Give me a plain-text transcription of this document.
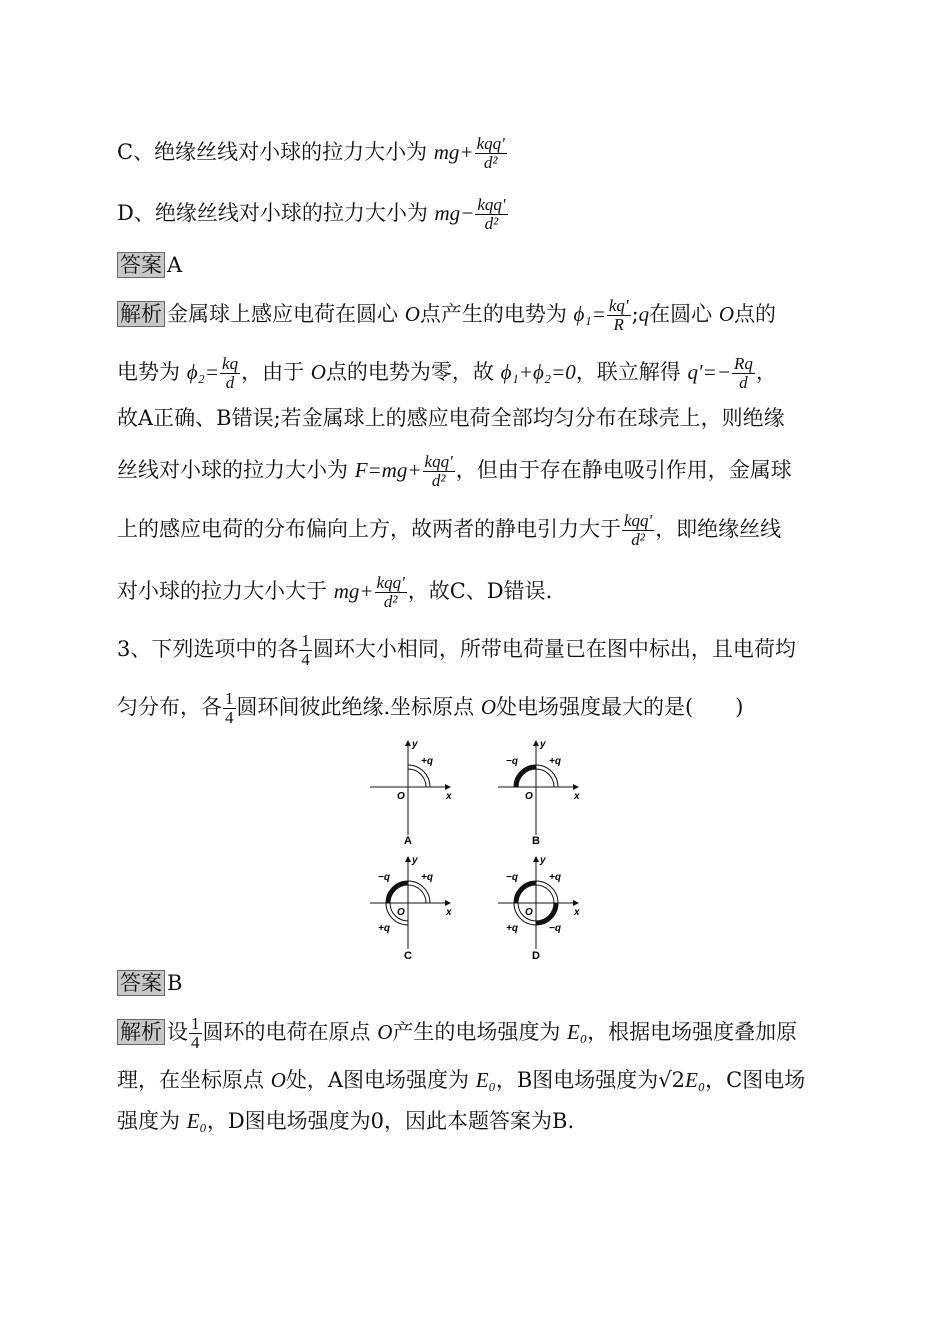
C、绝缘丝线对小球的拉力大小为 $mg+ \frac{\text{kqq'}}{\text{d²}}$
D、绝缘丝线对小球的拉力大小为 $mg- \frac{\text{kqq'}}{\text{d²}}$
答案 A
解析 金属球上感应电荷在圆心 O点产生的电势为 $\phi_1= \frac{kq'}{R}$ ;q在圆心 O点的
电势为 $\phi_2= \frac{kq}{d}$ ，由于 O点的电势为零，故 ϕ₁+ϕ₂=0，联立解得 $q'=- \frac{Rq}{d}$ ，
故A正确、B错误;若金属球上的感应电荷全部均匀分布在球壳上，则绝缘
丝线对小球的拉力大小为 $F=mg+ \frac{\text{kqq'}}{\text{d²}}$ ，但由于存在静电吸引作用，金属球
上的感应电荷的分布偏向上方，故两者的静电引力大于 $\frac{\text{kqq'}}{\text{d²}}$ ，即绝缘丝线
对小球的拉力大小大于 $mg+ \frac{\text{kqq'}}{\text{d²}}$ ，故C、D错误.
3、下列选项中的各 $\frac{1}{4}$ 圆环大小相同，所带电荷量已在图中标出，且电荷均
匀分布，各 $\frac{1}{4}$ 圆环间彼此绝缘.坐标原点 O处电场强度最大的是(　　)
y
x
O
+q
A
y
x
O
−q	+q
B
y
x
O
−q	+q
+q
C
y
x
O
−q	+q
+q	−q
D
答案 B
解析 设 $\frac{1}{4}$ 圆环的电荷在原点 O产生的电场强度为 E₀，根据电场强度叠加原
理，在坐标原点 O处，A图电场强度为 E₀，B图电场强度为√2E₀，C图电场
强度为 E₀，D图电场强度为0，因此本题答案为B.
